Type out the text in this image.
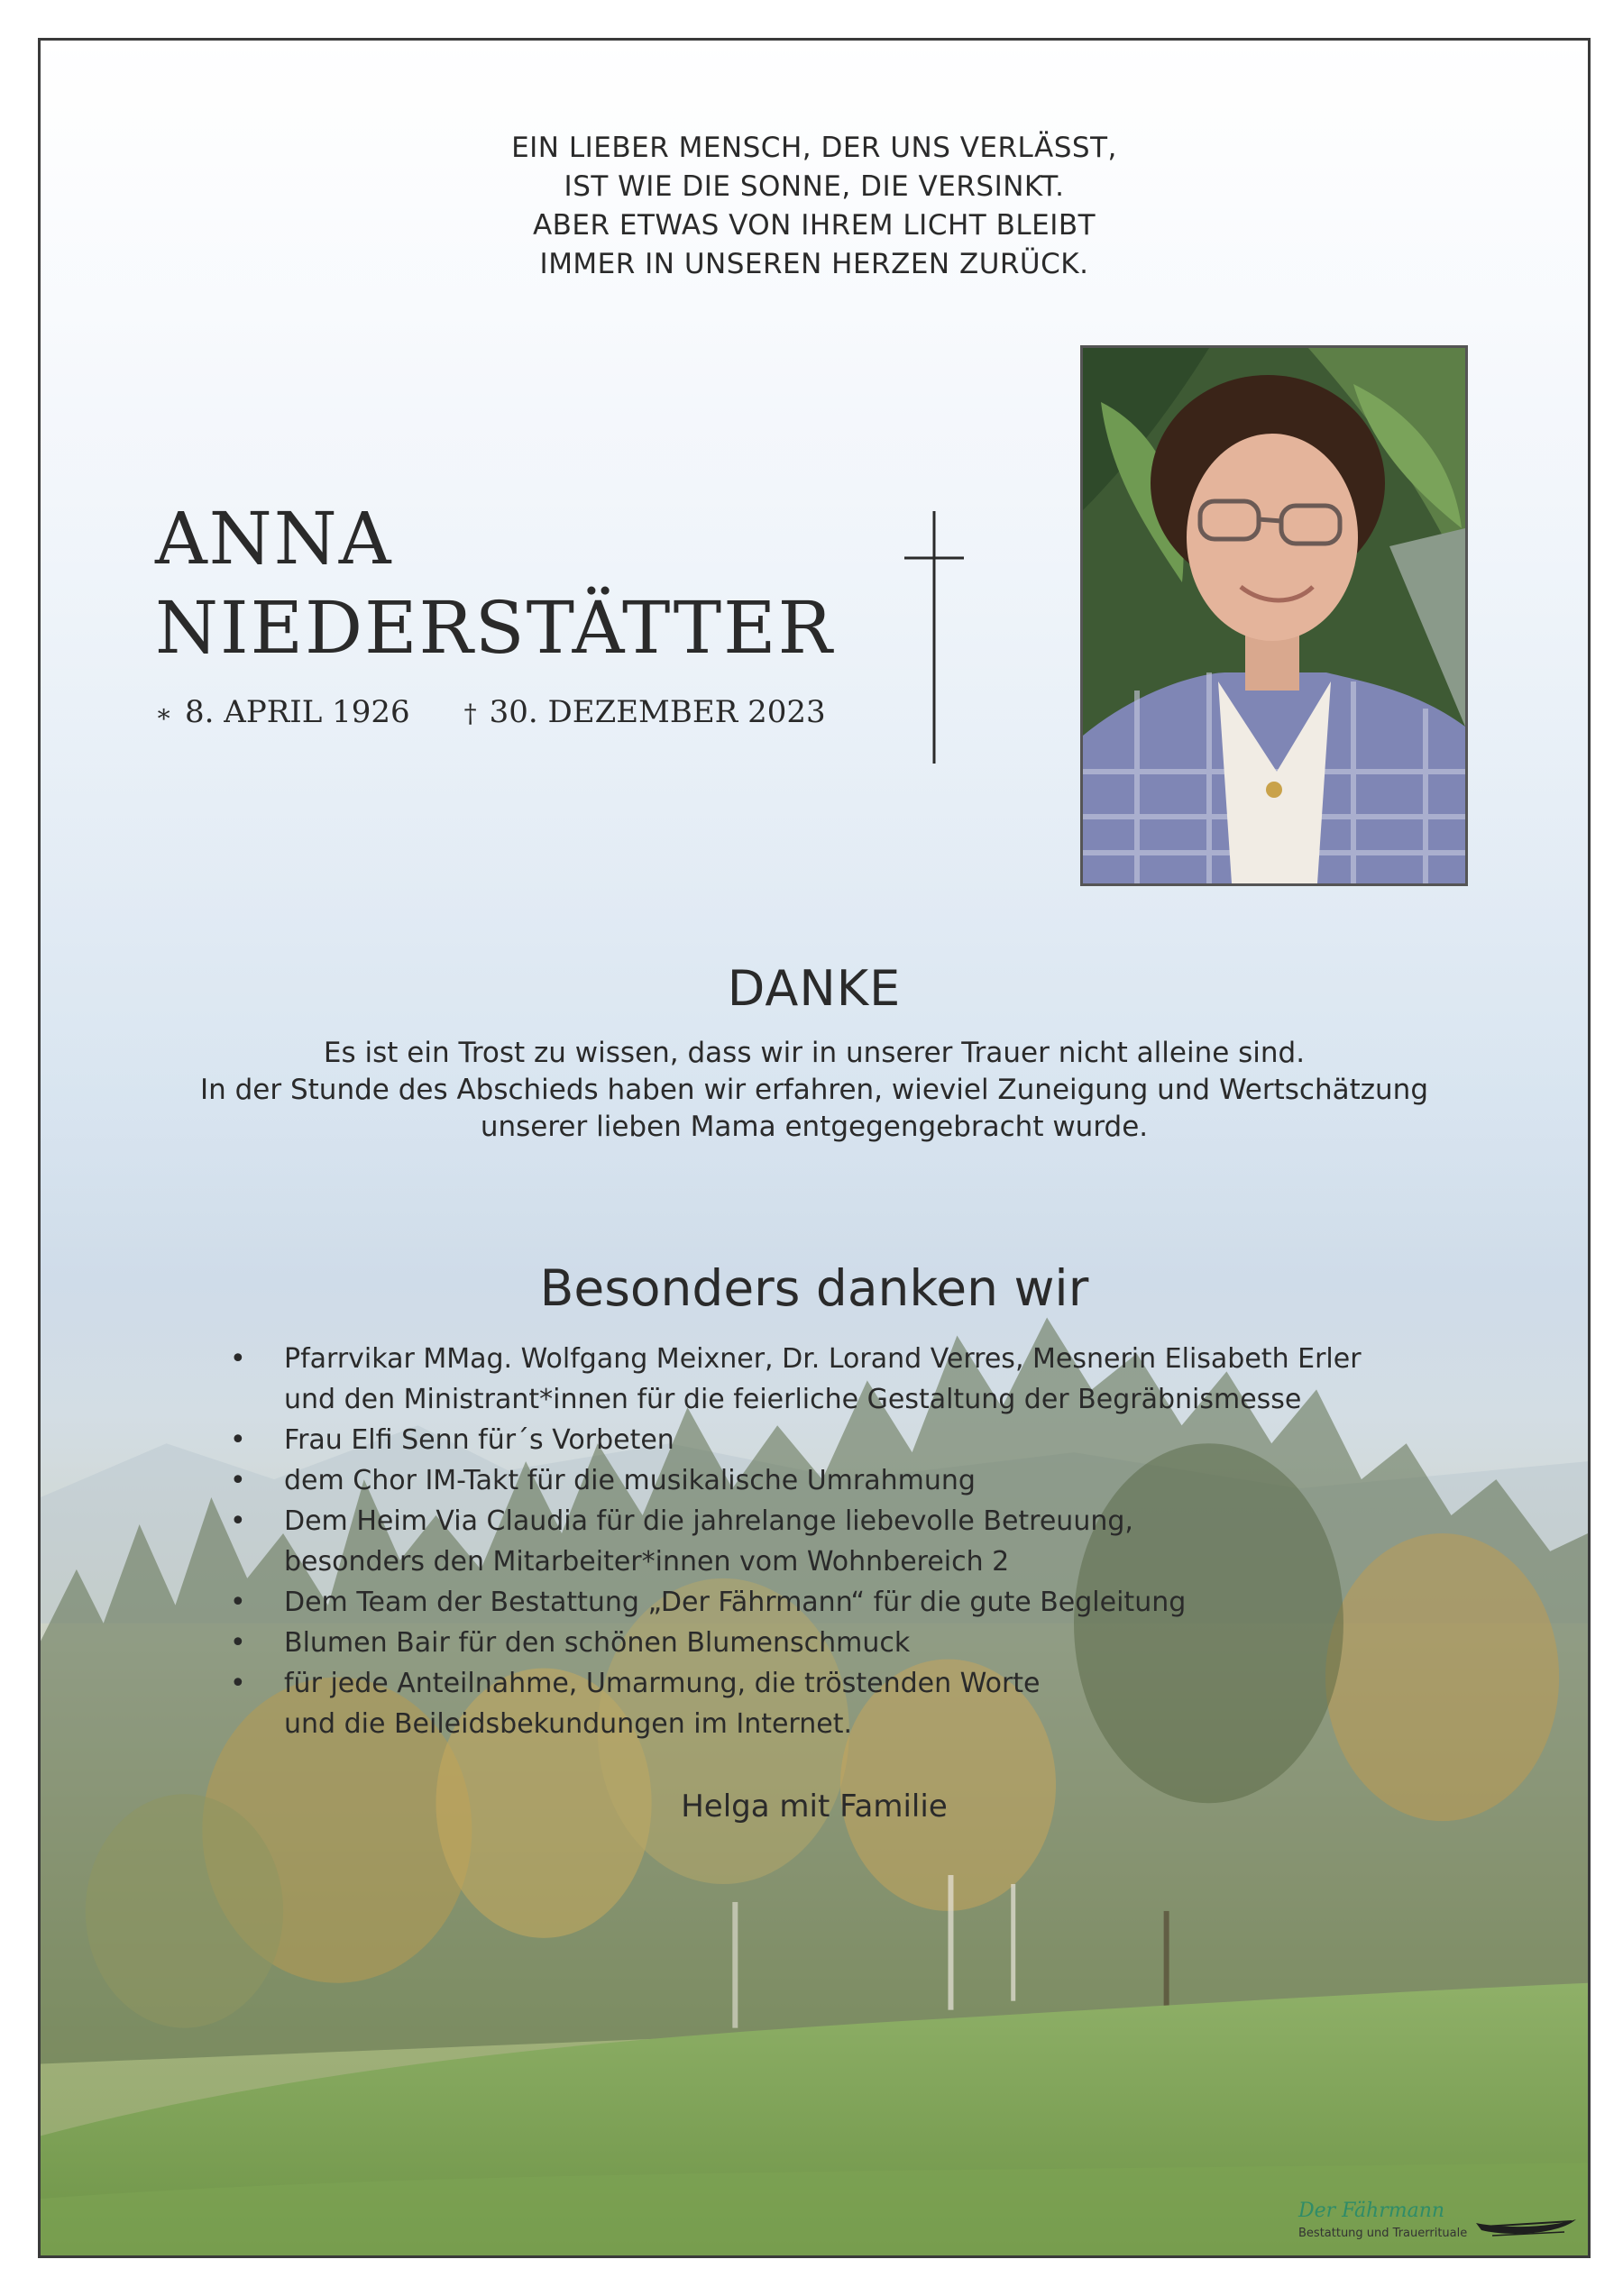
EIN LIEBER MENSCH, DER UNS VERLÄSST,
IST WIE DIE SONNE, DIE VERSINKT.
ABER ETWAS VON IHREM LICHT BLEIBT
IMMER IN UNSEREN HERZEN ZURÜCK.
ANNA
NIEDERSTÄTTER
∗ 8. APRIL 1926 † 30. DEZEMBER 2023
DANKE
Es ist ein Trost zu wissen, dass wir in unserer Trauer nicht alleine sind.
In der Stunde des Abschieds haben wir erfahren, wieviel Zuneigung und Wertschätzung
unserer lieben Mama entgegengebracht wurde.
Besonders danken wir
• Pfarrvikar MMag. Wolfgang Meixner, Dr. Lorand Verres, Mesnerin Elisabeth Erler
und den Ministrant*innen für die feierliche Gestaltung der Begräbnismesse
• Frau Elfi Senn für´s Vorbeten
• dem Chor IM-Takt für die musikalische Umrahmung
• Dem Heim Via Claudia für die jahrelange liebevolle Betreuung,
besonders den Mitarbeiter*innen vom Wohnbereich 2
• Dem Team der Bestattung „Der Fährmann“ für die gute Begleitung
• Blumen Bair für den schönen Blumenschmuck
• für jede Anteilnahme, Umarmung, die tröstenden Worte
und die Beileidsbekundungen im Internet.
Helga mit Familie
Der Fährmann
Bestattung und Trauerrituale
